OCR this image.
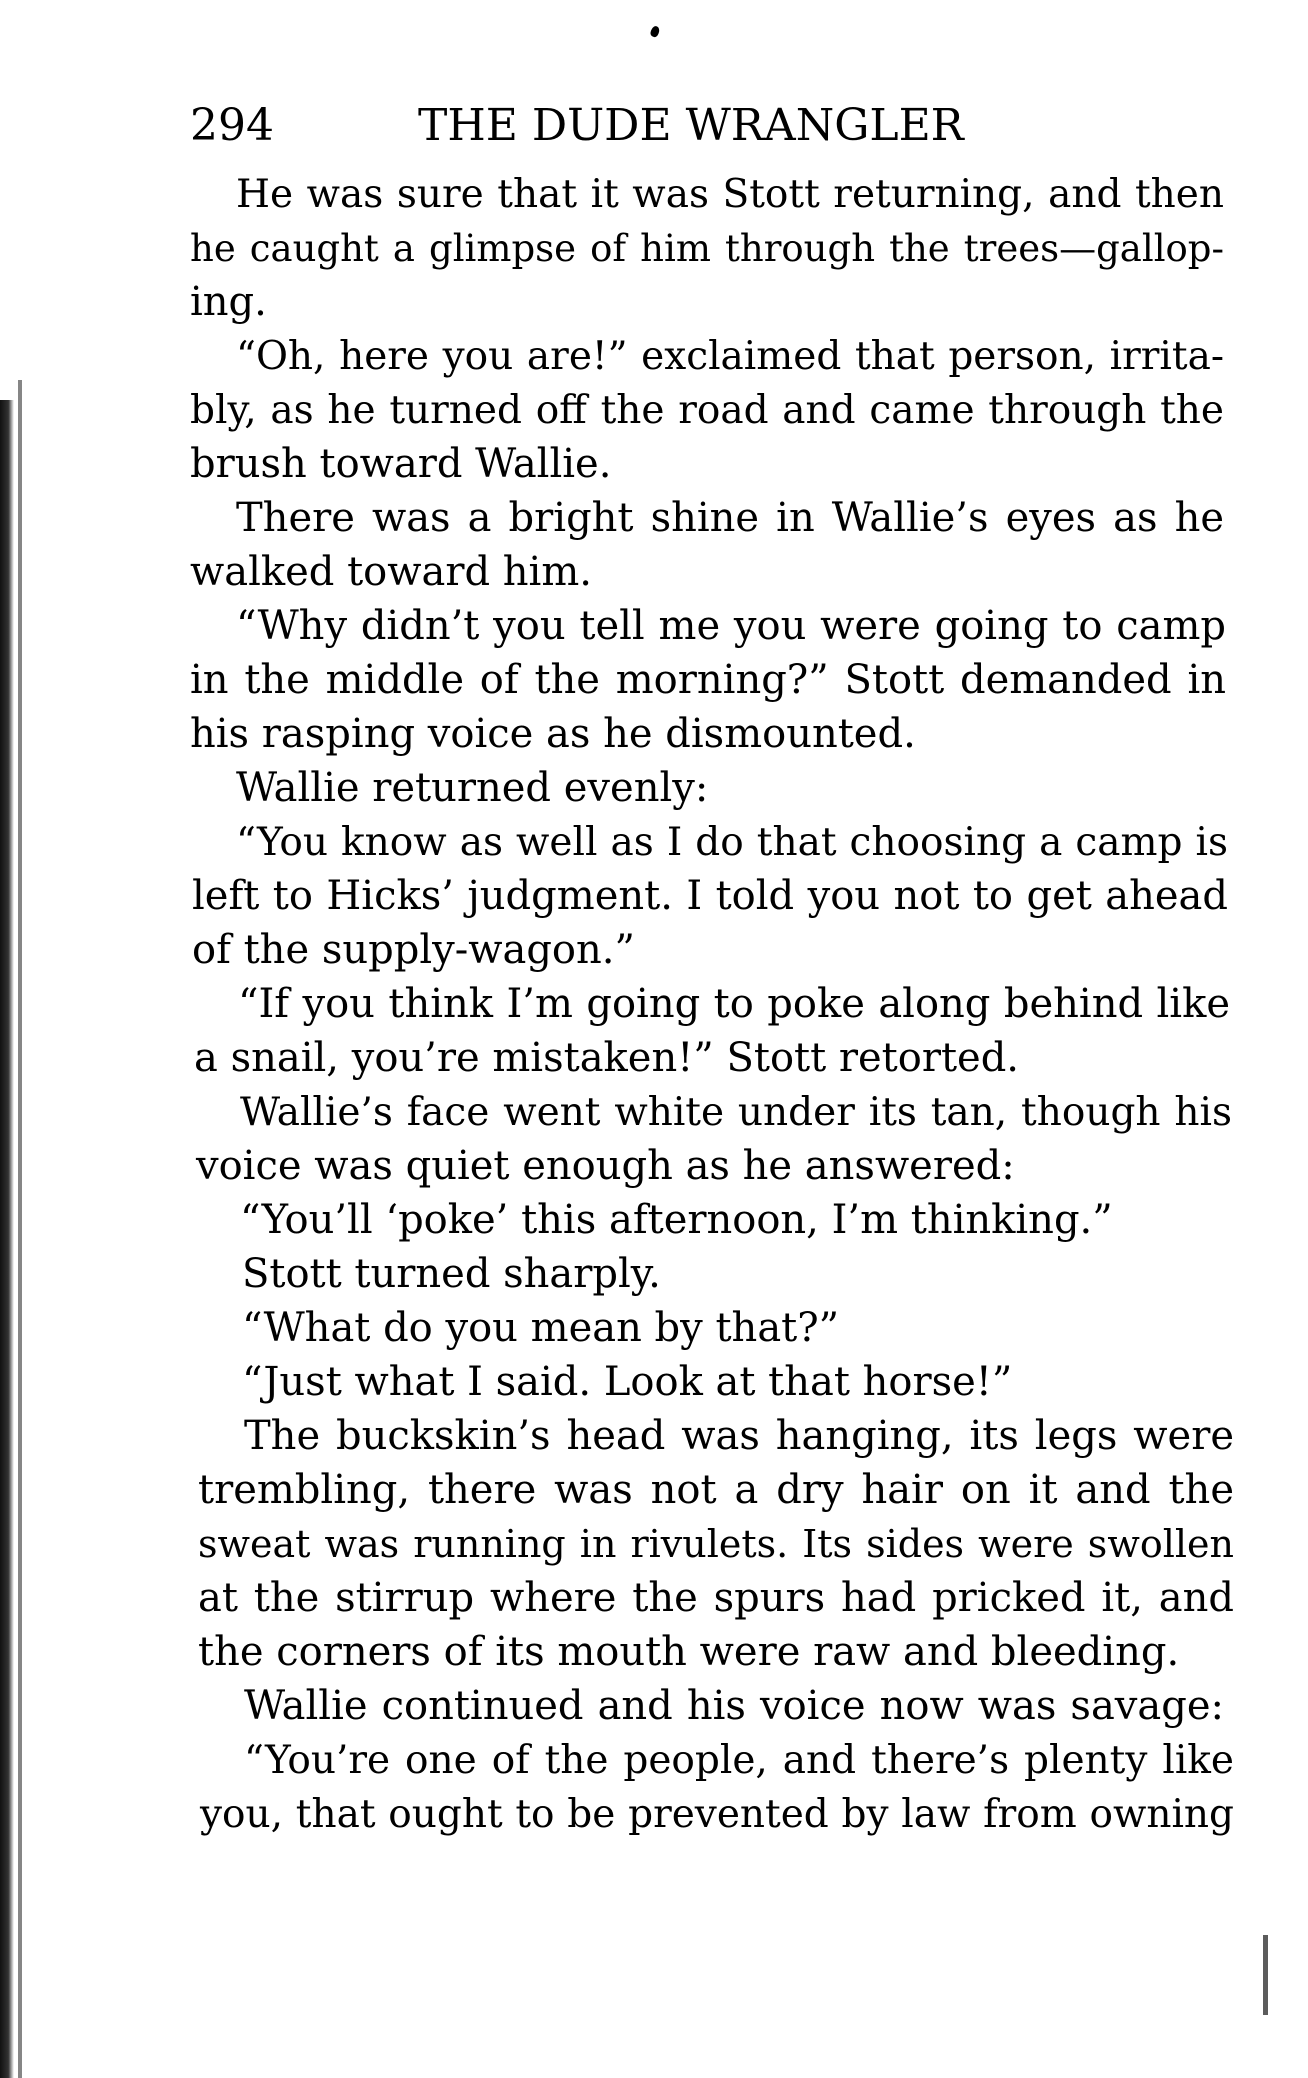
294	THE DUDE WRANGLER
He was sure that it was Stott returning, and then
he caught a glimpse of him through the trees—gallop-
ing.
“Oh, here you are!” exclaimed that person, irrita-
bly, as he turned off the road and came through the
brush toward Wallie.
There was a bright shine in Wallie’s eyes as he
walked toward him.
“Why didn’t you tell me you were going to camp
in the middle of the morning?” Stott demanded in
his rasping voice as he dismounted.
Wallie returned evenly:
“You know as well as I do that choosing a camp is
left to Hicks’ judgment. I told you not to get ahead
of the supply-wagon.”
“If you think I’m going to poke along behind like
a snail, you’re mistaken!” Stott retorted.
Wallie’s face went white under its tan, though his
voice was quiet enough as he answered:
“You’ll ‘poke’ this afternoon, I’m thinking.”
Stott turned sharply.
“What do you mean by that?”
“Just what I said. Look at that horse!”
The buckskin’s head was hanging, its legs were
trembling, there was not a dry hair on it and the
sweat was running in rivulets. Its sides were swollen
at the stirrup where the spurs had pricked it, and
the corners of its mouth were raw and bleeding.
Wallie continued and his voice now was savage:
“You’re one of the people, and there’s plenty like
you, that ought to be prevented by law from owning
